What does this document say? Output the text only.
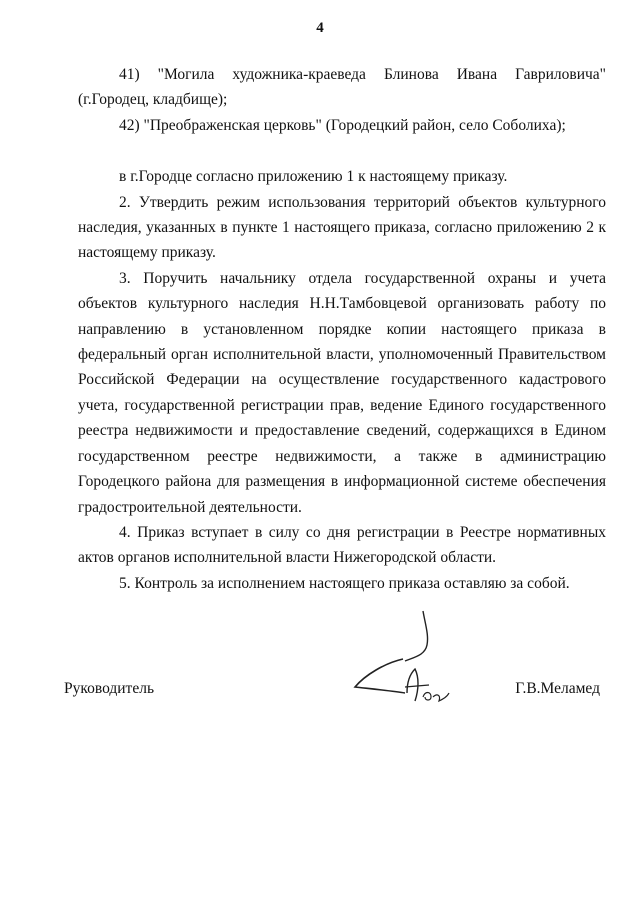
4

41) "Могила художника-краеведа Блинова Ивана Гавриловича" (г.Городец, кладбище);

42) "Преображенская церковь" (Городецкий район, село Соболиха);

в г.Городце согласно приложению 1 к настоящему приказу.

2. Утвердить режим использования территорий объектов культурного наследия, указанных в пункте 1 настоящего приказа, согласно приложению 2 к настоящему приказу.

3. Поручить начальнику отдела государственной охраны и учета объектов культурного наследия Н.Н.Тамбовцевой организовать работу по направлению в установленном порядке копии настоящего приказа в федеральный орган исполнительной власти, уполномоченный Правительством Российской Федерации на осуществление государственного кадастрового учета, государственной регистрации прав, ведение Единого государственного реестра недвижимости и предоставление сведений, содержащихся в Едином государственном реестре недвижимости, а также в администрацию Городецкого района для размещения в информационной системе обеспечения градостроительной деятельности.

4. Приказ вступает в силу со дня регистрации в Реестре нормативных актов органов исполнительной власти Нижегородской области.

5. Контроль за исполнением настоящего приказа оставляю за собой.

Руководитель	Г.В.Меламед
